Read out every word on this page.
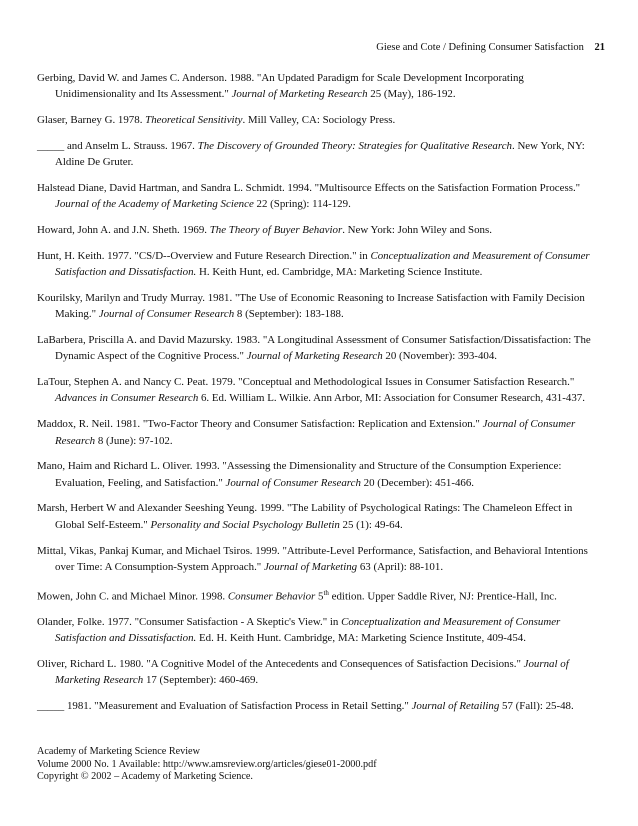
Giese and Cote / Defining Consumer Satisfaction 21

Gerbing, David W. and James C. Anderson. 1988. "An Updated Paradigm for Scale Development Incorporating Unidimensionality and Its Assessment." Journal of Marketing Research 25 (May), 186-192.

Glaser, Barney G. 1978. Theoretical Sensitivity. Mill Valley, CA: Sociology Press.

_____ and Anselm L. Strauss. 1967. The Discovery of Grounded Theory: Strategies for Qualitative Research. New York, NY: Aldine De Gruter.

Halstead Diane, David Hartman, and Sandra L. Schmidt. 1994. "Multisource Effects on the Satisfaction Formation Process." Journal of the Academy of Marketing Science 22 (Spring): 114-129.

Howard, John A. and J.N. Sheth. 1969. The Theory of Buyer Behavior. New York: John Wiley and Sons.

Hunt, H. Keith. 1977. "CS/D--Overview and Future Research Direction." in Conceptualization and Measurement of Consumer Satisfaction and Dissatisfaction. H. Keith Hunt, ed. Cambridge, MA: Marketing Science Institute.

Kourilsky, Marilyn and Trudy Murray. 1981. "The Use of Economic Reasoning to Increase Satisfaction with Family Decision Making." Journal of Consumer Research 8 (September): 183-188.

LaBarbera, Priscilla A. and David Mazursky. 1983. "A Longitudinal Assessment of Consumer Satisfaction/Dissatisfaction: The Dynamic Aspect of the Cognitive Process." Journal of Marketing Research 20 (November): 393-404.

LaTour, Stephen A. and Nancy C. Peat. 1979. "Conceptual and Methodological Issues in Consumer Satisfaction Research." Advances in Consumer Research 6. Ed. William L. Wilkie. Ann Arbor, MI: Association for Consumer Research, 431-437.

Maddox, R. Neil. 1981. "Two-Factor Theory and Consumer Satisfaction: Replication and Extension." Journal of Consumer Research 8 (June): 97-102.

Mano, Haim and Richard L. Oliver. 1993. "Assessing the Dimensionality and Structure of the Consumption Experience: Evaluation, Feeling, and Satisfaction." Journal of Consumer Research 20 (December): 451-466.

Marsh, Herbert W and Alexander Seeshing Yeung. 1999. "The Lability of Psychological Ratings: The Chameleon Effect in Global Self-Esteem." Personality and Social Psychology Bulletin 25 (1): 49-64.

Mittal, Vikas, Pankaj Kumar, and Michael Tsiros. 1999. "Attribute-Level Performance, Satisfaction, and Behavioral Intentions over Time: A Consumption-System Approach." Journal of Marketing 63 (April): 88-101.

Mowen, John C. and Michael Minor. 1998. Consumer Behavior 5th edition. Upper Saddle River, NJ: Prentice-Hall, Inc.

Olander, Folke. 1977. "Consumer Satisfaction - A Skeptic's View." in Conceptualization and Measurement of Consumer Satisfaction and Dissatisfaction. Ed. H. Keith Hunt. Cambridge, MA: Marketing Science Institute, 409-454.

Oliver, Richard L. 1980. "A Cognitive Model of the Antecedents and Consequences of Satisfaction Decisions." Journal of Marketing Research 17 (September): 460-469.

_____ 1981. "Measurement and Evaluation of Satisfaction Process in Retail Setting." Journal of Retailing 57 (Fall): 25-48.

Academy of Marketing Science Review
Volume 2000 No. 1 Available: http://www.amsreview.org/articles/giese01-2000.pdf
Copyright © 2002 – Academy of Marketing Science.
